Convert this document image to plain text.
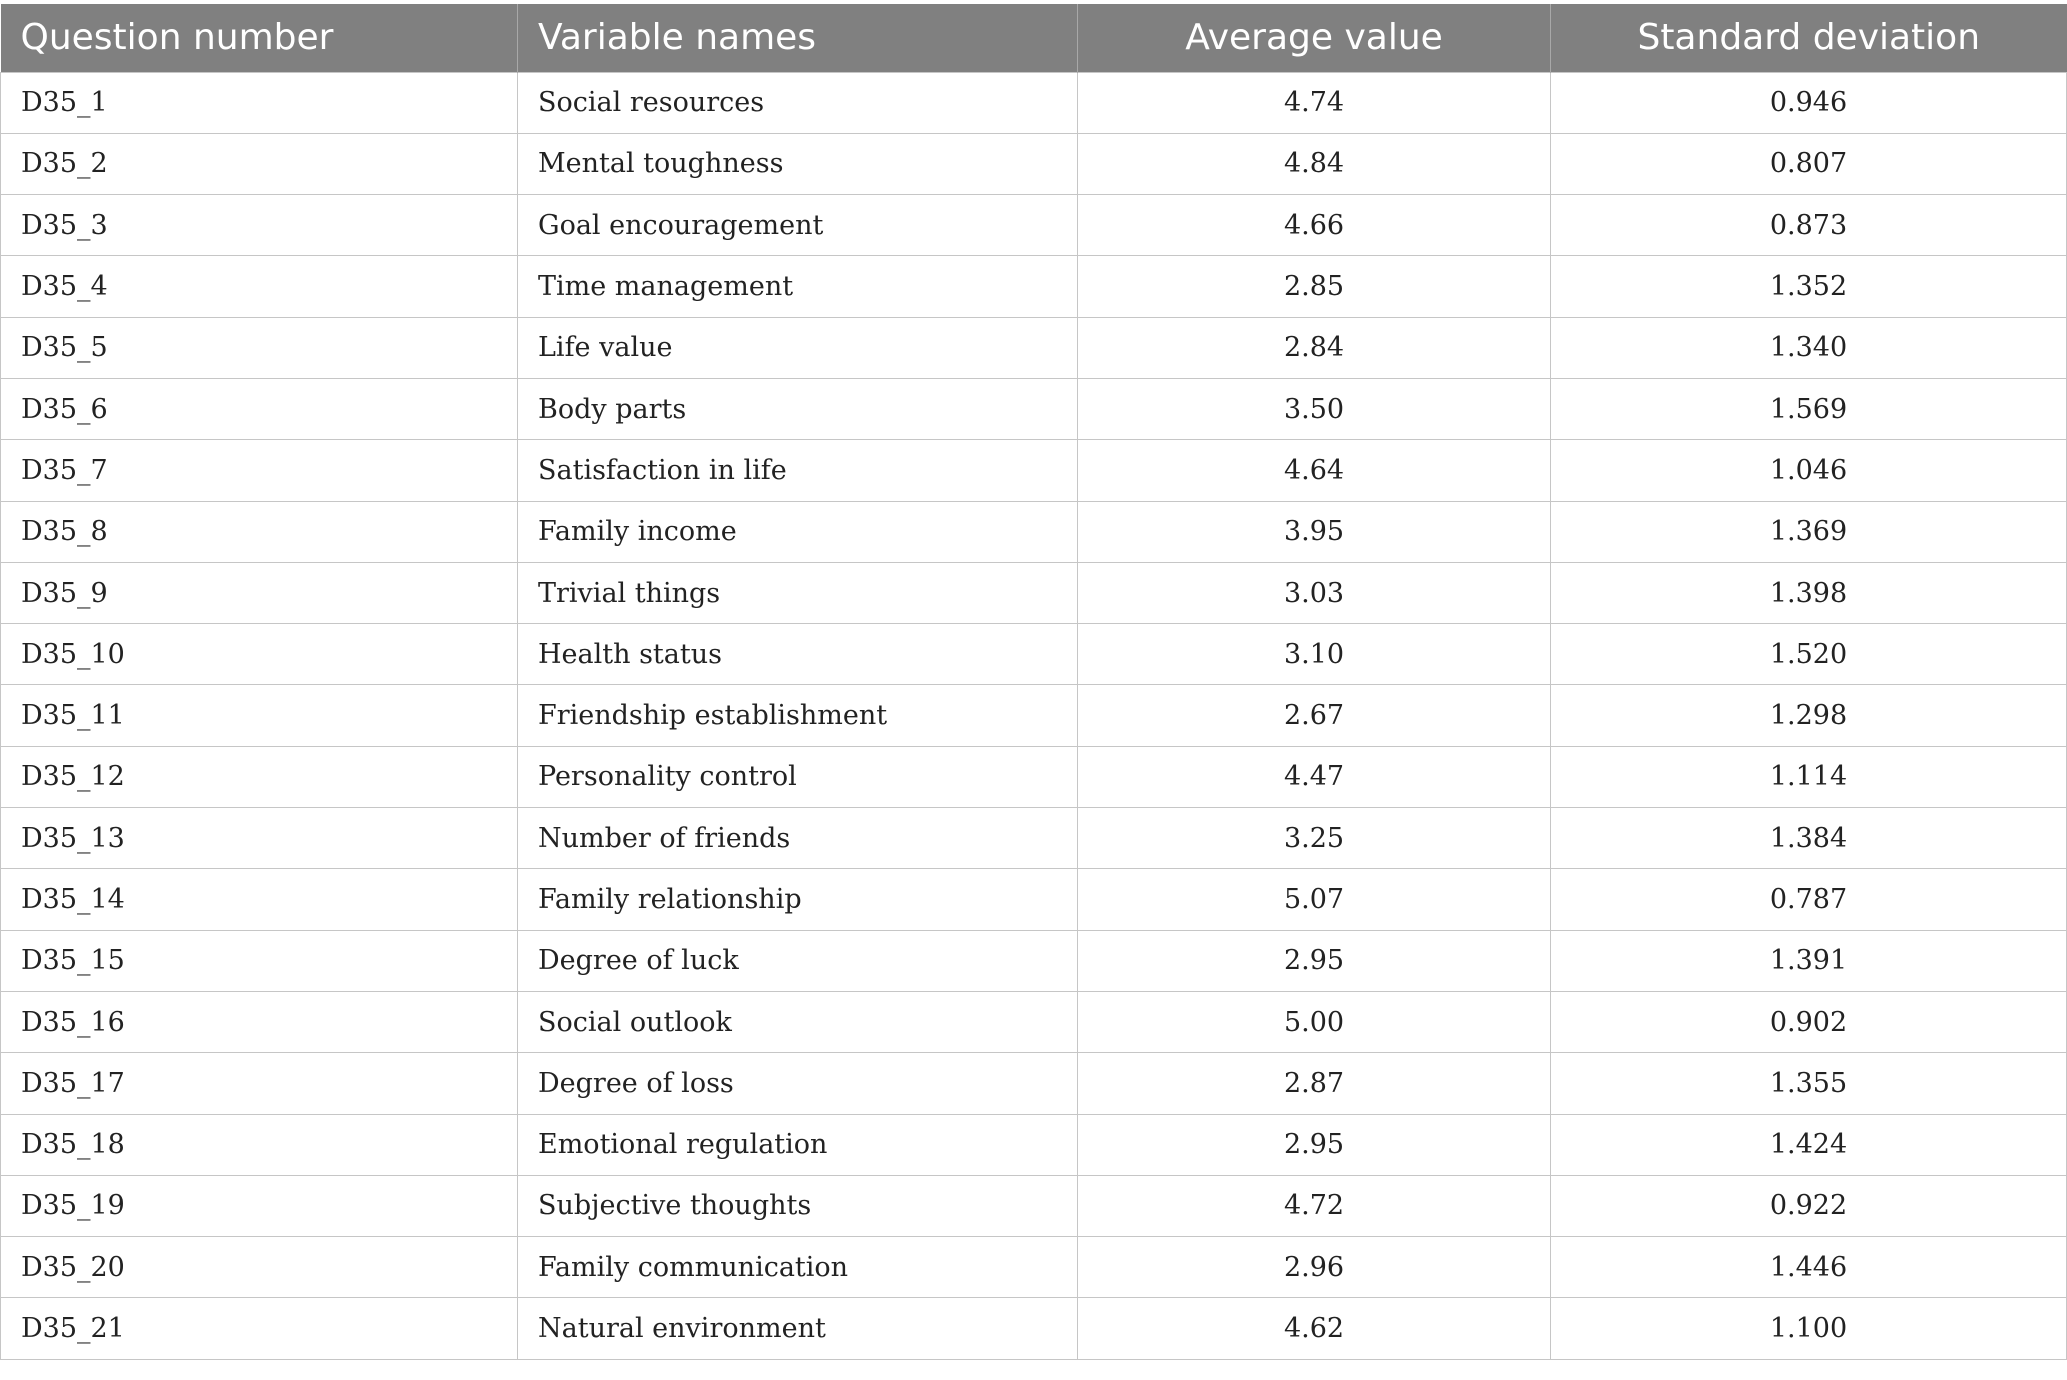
Question number	Variable names	Average value	Standard deviation
D35_1	Social resources	4.74	0.946
D35_2	Mental toughness	4.84	0.807
D35_3	Goal encouragement	4.66	0.873
D35_4	Time management	2.85	1.352
D35_5	Life value	2.84	1.340
D35_6	Body parts	3.50	1.569
D35_7	Satisfaction in life	4.64	1.046
D35_8	Family income	3.95	1.369
D35_9	Trivial things	3.03	1.398
D35_10	Health status	3.10	1.520
D35_11	Friendship establishment	2.67	1.298
D35_12	Personality control	4.47	1.114
D35_13	Number of friends	3.25	1.384
D35_14	Family relationship	5.07	0.787
D35_15	Degree of luck	2.95	1.391
D35_16	Social outlook	5.00	0.902
D35_17	Degree of loss	2.87	1.355
D35_18	Emotional regulation	2.95	1.424
D35_19	Subjective thoughts	4.72	0.922
D35_20	Family communication	2.96	1.446
D35_21	Natural environment	4.62	1.100
